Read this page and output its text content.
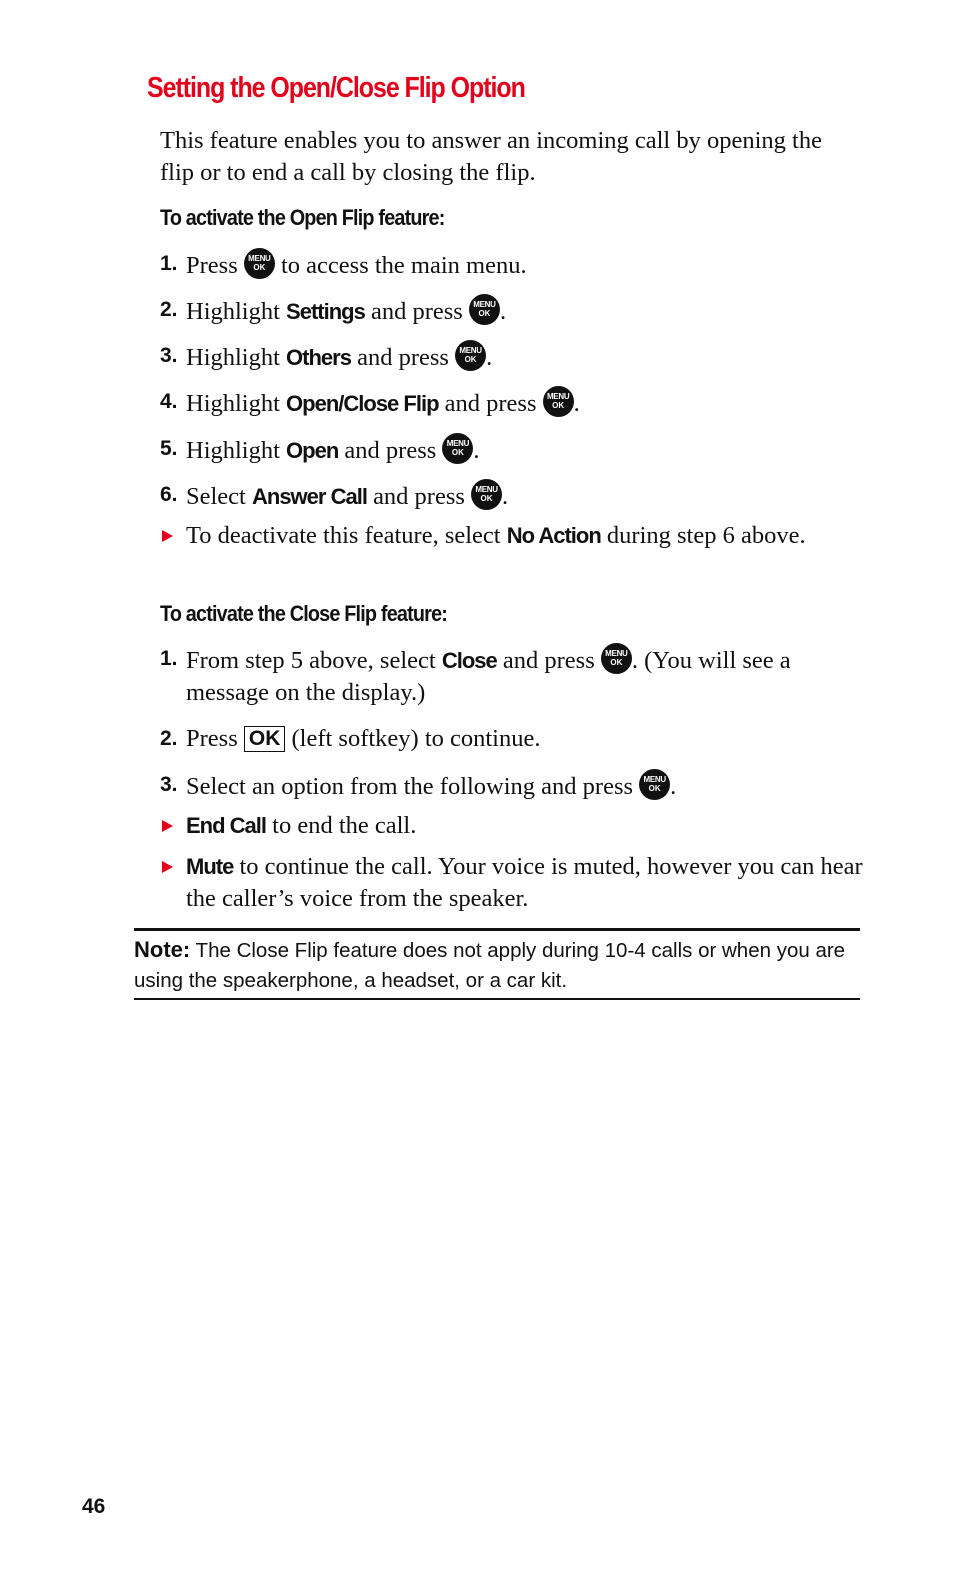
Setting the Open/Close Flip Option
This feature enables you to answer an incoming call by opening the flip or to end a call by closing the flip.
To activate the Open Flip feature:
1. Press	MENU
OK to access the main menu.
2. Highlight Settings and press	MENU
OK .
3. Highlight Others and press	MENU
OK .
4. Highlight Open/Close Flip and press	MENU
OK .
5. Highlight Open and press	MENU
OK .
6. Select Answer Call and press	MENU
OK .
To deactivate this feature, select No Action during step 6 above.
To activate the Close Flip feature:
1. From step 5 above, select Close and press	MENU
OK . (You will see a message on the display.)
2. Press OK (left softkey) to continue.
3. Select an option from the following and press	MENU
OK .
End Call to end the call.
Mute to continue the call. Your voice is muted, however you can hear the caller’s voice from the speaker.
Note: The Close Flip feature does not apply during 10-4 calls or when you are using the speakerphone, a headset, or a car kit.
46
